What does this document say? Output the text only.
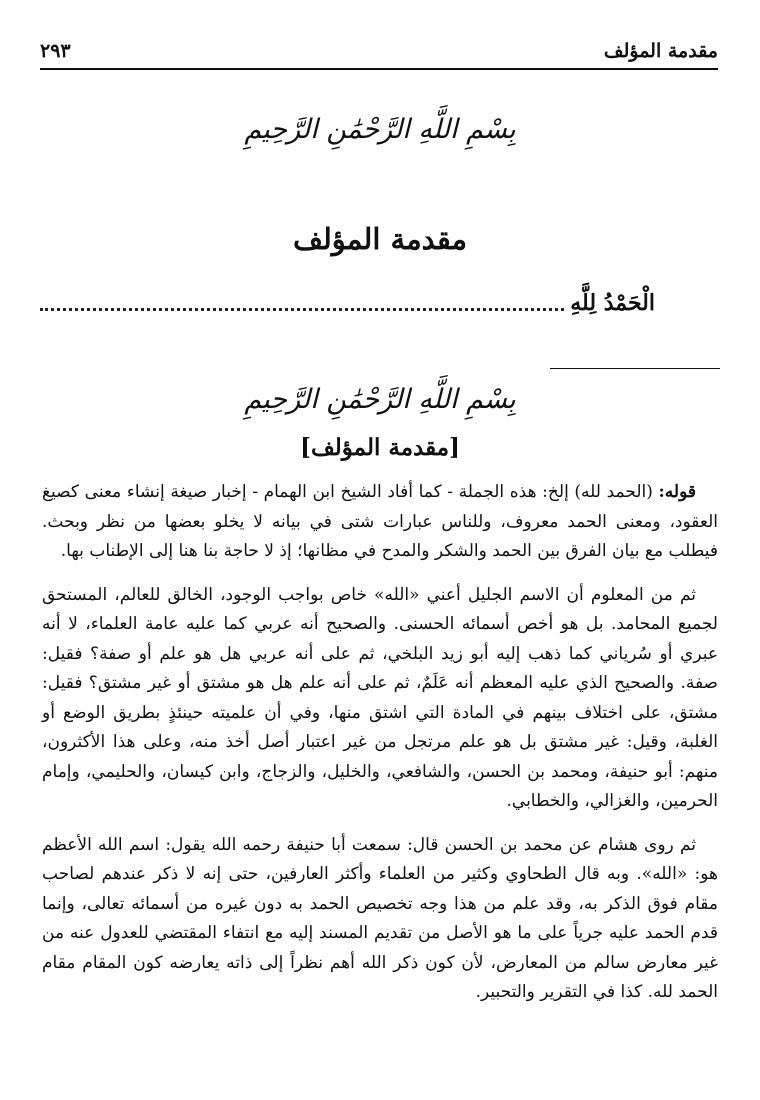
مقدمة المؤلف
٢٩٣
بِسْمِ اللَّهِ الرَّحْمَٰنِ الرَّحِيمِ
مقدمة المؤلف
الْحَمْدُ لِلَّهِ
بِسْمِ اللَّهِ الرَّحْمَٰنِ الرَّحِيمِ
[مقدمة المؤلف]

قوله: (الحمد لله) إلخ: هذه الجملة - كما أفاد الشيخ ابن الهمام - إخبار صيغة إنشاء معنى كصيغ العقود، ومعنى الحمد معروف، وللناس عبارات شتى في بيانه لا يخلو بعضها من نظر وبحث. فيطلب مع بيان الفرق بين الحمد والشكر والمدح في مظانها؛ إذ لا حاجة بنا هنا إلى الإطناب بها.

ثم من المعلوم أن الاسم الجليل أعني «الله» خاص بواجب الوجود، الخالق للعالم، المستحق لجميع المحامد. بل هو أخص أسمائه الحسنى. والصحيح أنه عربي كما عليه عامة العلماء، لا أنه عبري أو سُرياني كما ذهب إليه أبو زيد البلخي، ثم على أنه عربي هل هو علم أو صفة؟ فقيل: صفة. والصحيح الذي عليه المعظم أنه عَلَمٌ، ثم على أنه علم هل هو مشتق أو غير مشتق؟ فقيل: مشتق، على اختلاف بينهم في المادة التي اشتق منها، وفي أن علميته حينئذٍ بطريق الوضع أو الغلبة، وقيل: غير مشتق بل هو علم مرتجل من غير اعتبار أصل أخذ منه، وعلى هذا الأكثرون، منهم: أبو حنيفة، ومحمد بن الحسن، والشافعي، والخليل، والزجاج، وابن كيسان، والحليمي، وإمام الحرمين، والغزالي، والخطابي.

ثم روى هشام عن محمد بن الحسن قال: سمعت أبا حنيفة رحمه الله يقول: اسم الله الأعظم هو: «الله». وبه قال الطحاوي وكثير من العلماء وأكثر العارفين، حتى إنه لا ذكر عندهم لصاحب مقام فوق الذكر به، وقد علم من هذا وجه تخصيص الحمد به دون غيره من أسمائه تعالى، وإنما قدم الحمد عليه جرياً على ما هو الأصل من تقديم المسند إليه مع انتفاء المقتضي للعدول عنه من غير معارض سالم من المعارض، لأن كون ذكر الله أهم نظراً إلى ذاته يعارضه كون المقام مقام الحمد لله. كذا في التقرير والتحبير.
